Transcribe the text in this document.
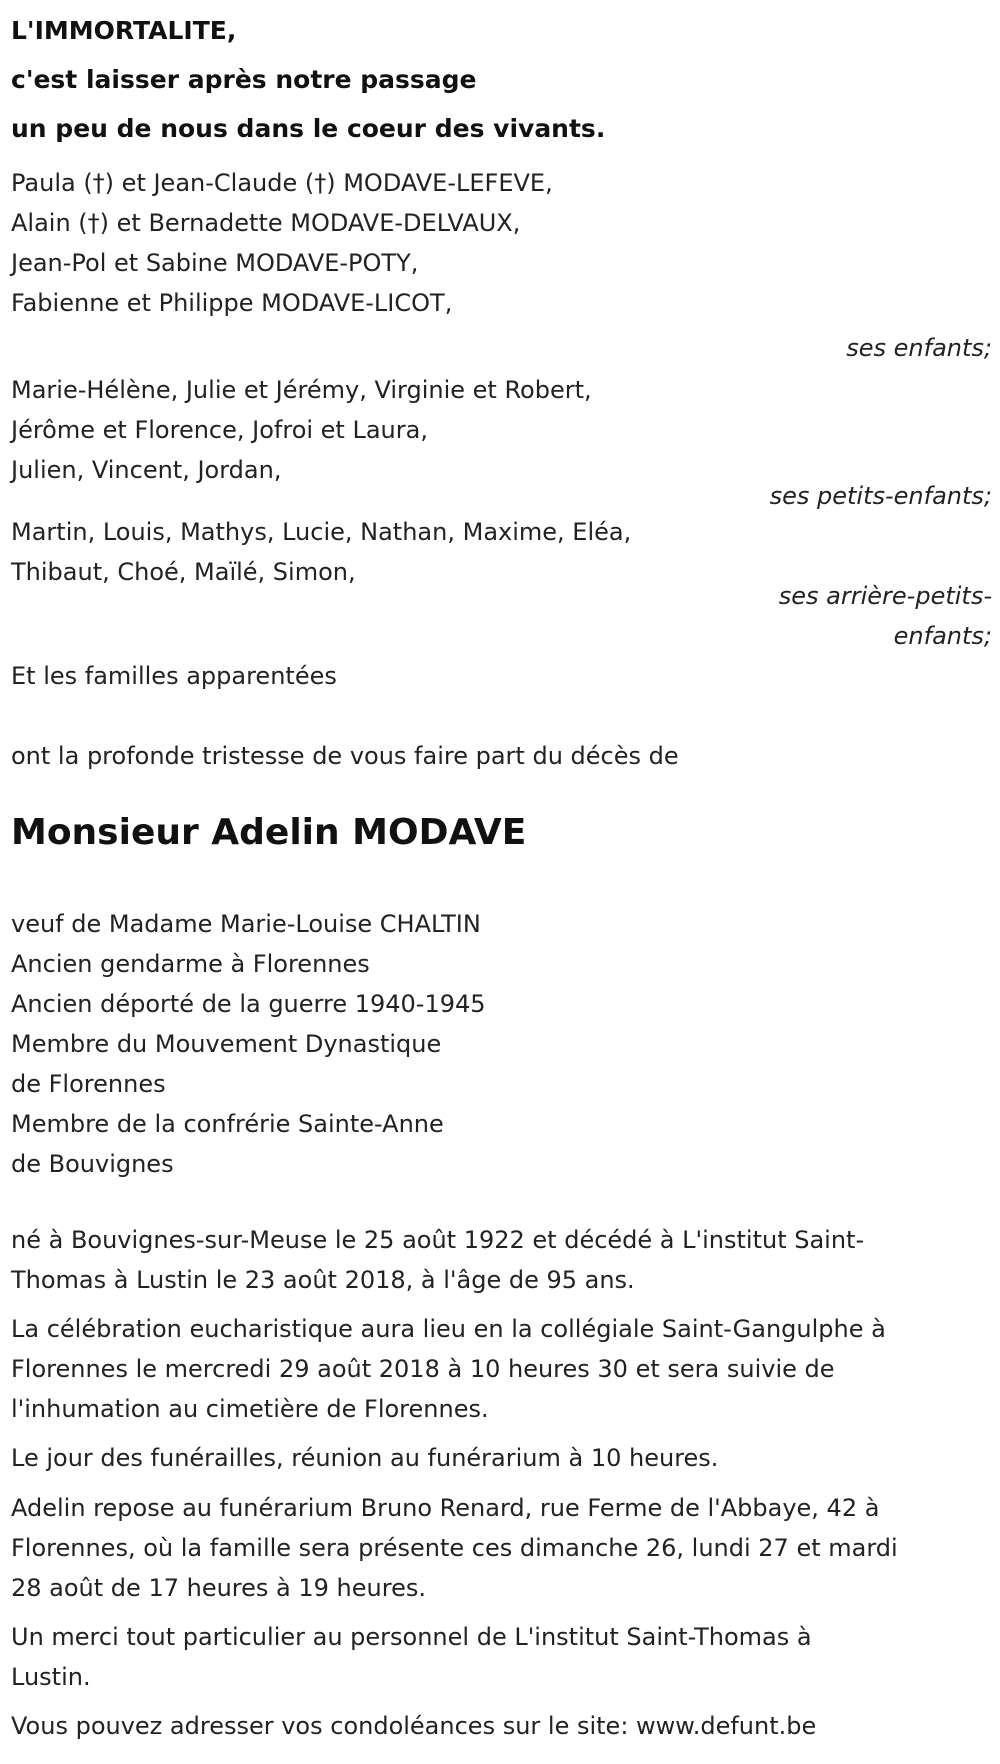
L'IMMORTALITE,
c'est laisser après notre passage
un peu de nous dans le coeur des vivants.
Paula (†) et Jean-Claude (†) MODAVE-LEFEVE,
Alain (†) et Bernadette MODAVE-DELVAUX,
Jean-Pol et Sabine MODAVE-POTY,
Fabienne et Philippe MODAVE-LICOT,
ses enfants;
Marie-Hélène, Julie et Jérémy, Virginie et Robert,
Jérôme et Florence, Jofroi et Laura,
Julien, Vincent, Jordan,
ses petits-enfants;
Martin, Louis, Mathys, Lucie, Nathan, Maxime, Eléa,
Thibaut, Choé, Maïlé, Simon,
ses arrière-petits-
enfants;
Et les familles apparentées
ont la profonde tristesse de vous faire part du décès de
Monsieur Adelin MODAVE
veuf de Madame Marie-Louise CHALTIN
Ancien gendarme à Florennes
Ancien déporté de la guerre 1940-1945
Membre du Mouvement Dynastique
de Florennes
Membre de la confrérie Sainte-Anne
de Bouvignes
né à Bouvignes-sur-Meuse le 25 août 1922 et décédé à L'institut Saint-
Thomas à Lustin le 23 août 2018, à l'âge de 95 ans.
La célébration eucharistique aura lieu en la collégiale Saint-Gangulphe à
Florennes le mercredi 29 août 2018 à 10 heures 30 et sera suivie de
l'inhumation au cimetière de Florennes.
Le jour des funérailles, réunion au funérarium à 10 heures.
Adelin repose au funérarium Bruno Renard, rue Ferme de l'Abbaye, 42 à
Florennes, où la famille sera présente ces dimanche 26, lundi 27 et mardi
28 août de 17 heures à 19 heures.
Un merci tout particulier au personnel de L'institut Saint-Thomas à
Lustin.
Vous pouvez adresser vos condoléances sur le site: www.defunt.be
